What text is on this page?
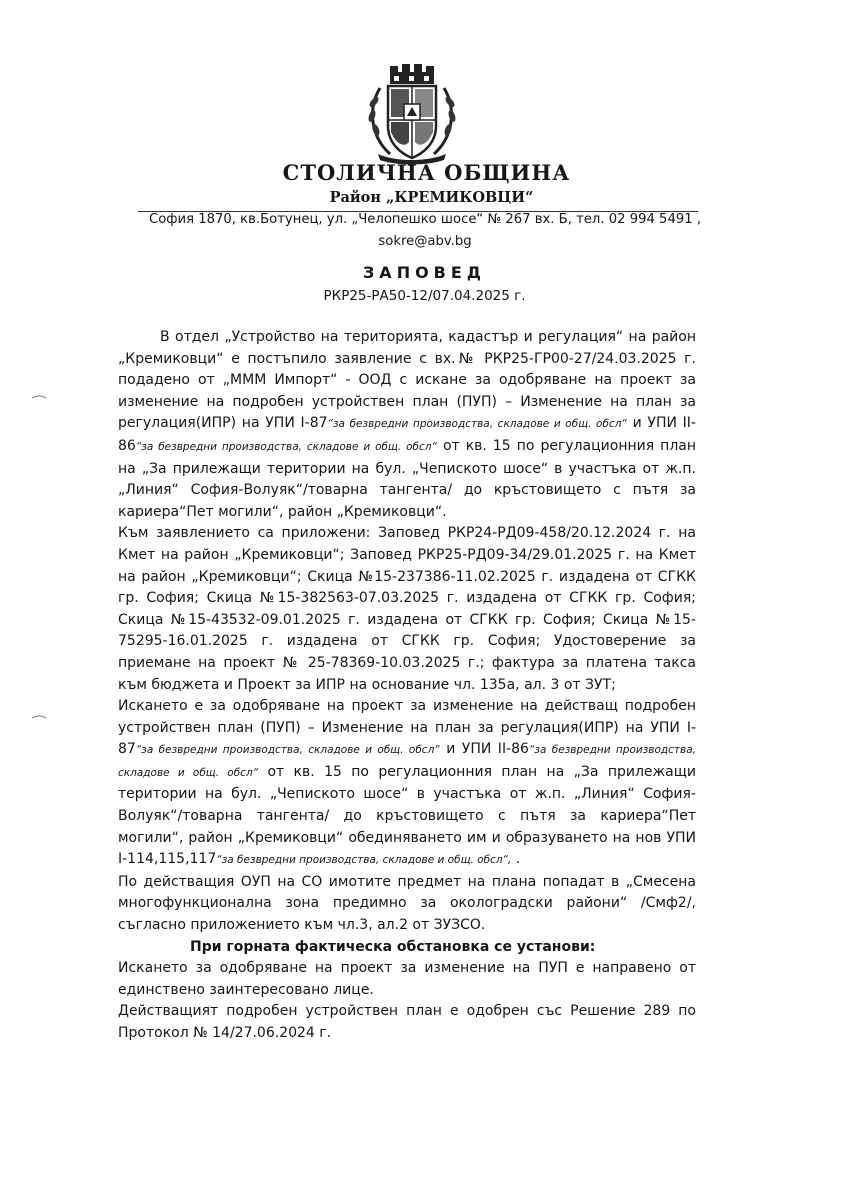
СТОЛИЧНА ОБЩИНА
Район „КРЕМИКОВЦИ“
София 1870, кв.Ботунец, ул. „Челопешко шосе“ № 267 вх. Б, тел. 02 994 5491 ,
sokre@abv.bg
ЗАПОВЕД
РКР25-РА50-12/07.04.2025 г.

В отдел „Устройство на територията, кадастър и регулация“ на район „Кремиковци“ е постъпило заявление с вх.№ РКР25-ГР00-27/24.03.2025 г. подадено от „МММ Импорт“ - ООД с искане за одобряване на проект за изменение на подробен устройствен план (ПУП) – Изменение на план за регулация(ИПР) на УПИ I-87“за безвредни производства, складове и общ. обсл“ и УПИ II-86“за безвредни производства, складове и общ. обсл“ от кв. 15 по регулационния план на „За прилежащи територии на бул. „Чепиското шосе“ в участъка от ж.п. „Линия“ София-Волуяк“/товарна тангента/ до кръстовището с пътя за кариера“Пет могили“, район „Кремиковци“.

Към заявлението са приложени: Заповед РКР24-РД09-458/20.12.2024 г. на Кмет на район „Кремиковци“; Заповед РКР25-РД09-34/29.01.2025 г. на Кмет на район „Кремиковци“; Скица №15-237386-11.02.2025 г. издадена от СГКК гр. София; Скица №15-382563-07.03.2025 г. издадена от СГКК гр. София; Скица №15-43532-09.01.2025 г. издадена от СГКК гр. София; Скица №15-75295-16.01.2025 г. издадена от СГКК гр. София; Удостоверение за приемане на проект № 25-78369-10.03.2025 г.; фактура за платена такса към бюджета и Проект за ИПР на основание чл. 135а, ал. 3 от ЗУТ;

Искането е за одобряване на проект за изменение на действащ подробен устройствен план (ПУП) – Изменение на план за регулация(ИПР) на УПИ I-87“за безвредни производства, складове и общ. обсл“ и УПИ II-86“за безвредни производства, складове и общ. обсл“ от кв. 15 по регулационния план на „За прилежащи територии на бул. „Чепиското шосе“ в участъка от ж.п. „Линия“ София-Волуяк“/товарна тангента/ до кръстовището с пътя за кариера“Пет могили“, район „Кремиковци“ обединяването им и образуването на нов УПИ I-114,115,117“за безвредни производства, складове и общ. обсл“, .

По действащия ОУП на СО имотите предмет на плана попадат в „Смесена многофункционална зона предимно за околоградски райони“ /Смф2/, съгласно приложението към чл.3, ал.2 от ЗУЗСО.

При горната фактическа обстановка се установи:

Искането за одобряване на проект за изменение на ПУП е направено от единствено заинтересовано лице.

Действащият подробен устройствен план е одобрен със Решение 289 по Протокол № 14/27.06.2024 г.
